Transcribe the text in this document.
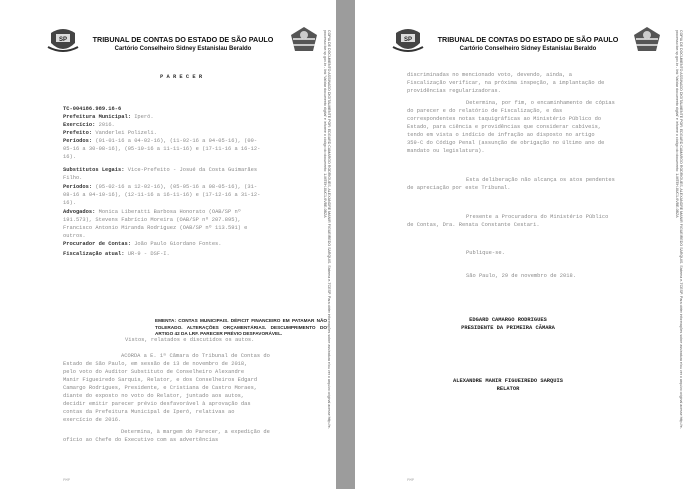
SP	TRIBUNAL DE CONTAS DO ESTADO DE SÃO PAULO
Cartório Conselheiro Sidney Estanislau Beraldo
P A R E C E R
TC-004186.989.16-6
Prefeitura Municipal: Iperó.
Exercício: 2016.
Prefeito: Vanderlei Polizeli.
Períodos: (01-01-16 a 04-02-16), (11-02-16 a 04-05-16), (09-
05-16 a 30-08-16), (05-10-16 a 11-11-16) e (17-11-16 a 16-12-
16).
Substitutos Legais: Vice-Prefeito - Josué da Costa Guimarães
Filho.
Períodos: (05-02-16 a 12-02-16), (05-05-16 a 08-05-16), (31-
08-16 a 04-10-16), (12-11-16 a 16-11-16) e (17-12-16 a 31-12-
16).
Advogados: Monica Liberatti Barbosa Honorato (OAB/SP nº
191.573), Stevens Fabrício Moreira (OAB/SP nº 207.895),
Francisco Antonio Miranda Rodriguez (OAB/SP nº 113.591) e
outros.
Procurador de Contas: João Paulo Giordano Fontes.
Fiscalização atual: UR-9 - DSF-I.
EMENTA: CONTAS MUNICIPAIS. DÉFICIT FINANCEIRO EM PATAMAR NÃO TOLERADO. ALTERAÇÕES ORÇAMENTÁRIAS. DESCUMPRIMENTO DO ARTIGO 42 DA LRF. PARECER PRÉVIO DESFAVORÁVEL.
Vistos, relatados e discutidos os autos.
ACORDA a E. 1ª Câmara do Tribunal de Contas do
Estado de São Paulo, em sessão de 13 de novembro de 2018,
pelo voto do Auditor Substituto de Conselheiro Alexandre
Manir Figueiredo Sarquis, Relator, e dos Conselheiros Edgard
Camargo Rodrigues, Presidente, e Cristiana de Castro Moraes,
diante do exposto no voto do Relator, juntado aos autos,
decidir emitir parecer prévio desfavorável à aprovação das
contas da Prefeitura Municipal de Iperó, relativas ao
exercício de 2016.
Determina, à margem do Parecer, a expedição de
ofício ao Chefe do Executivo com as advertências
PMP
COPIA DE DOCUMENTO ASSINADO DIGITALMENTE POR: EDGARD CAMARGO RODRIGUES, ALEXANDRE MANIR FIGUEIREDO SARQUIS. Sistema e-TCESP. Para obter informações sobre assinatura e/ou ver o arquivo original acesse http://e-processo.tce.sp.gov.br - link 'Validar documento digital' e informe o código do documento: 1-MTEH-8UC1-6VBE-0BZA	SP	TRIBUNAL DE CONTAS DO ESTADO DE SÃO PAULO
Cartório Conselheiro Sidney Estanislau Beraldo
discriminadas no mencionado voto, devendo, ainda, a
Fiscalização verificar, na próxima inspeção, a implantação de
providências regularizadoras.
Determina, por fim, o encaminhamento de cópias
do parecer e do relatório de Fiscalização, e das
correspondentes notas taquigráficas ao Ministério Público do
Estado, para ciência e providências que considerar cabíveis,
tendo em vista o indício de infração ao disposto no artigo
359-C do Código Penal (assunção de obrigação no último ano de
mandato ou legislatura).
Esta deliberação não alcança os atos pendentes
de apreciação por este Tribunal.
Presente a Procuradora do Ministério Público
de Contas, Dra. Renata Constante Cestari.
Publique-se.
São Paulo, 29 de novembro de 2018.
EDGARD CAMARGO RODRIGUES
PRESIDENTE DA PRIMEIRA CÂMARA
ALEXANDRE MANIR FIGUEIREDO SARQUIS
RELATOR
PMP
COPIA DE DOCUMENTO ASSINADO DIGITALMENTE POR: EDGARD CAMARGO RODRIGUES, ALEXANDRE MANIR FIGUEIREDO SARQUIS. Sistema e-TCESP. Para obter informações sobre assinatura e/ou ver o arquivo original acesse http://e-processo.tce.sp.gov.br - link 'Validar documento digital' e informe o código do documento: 1-MTEH-8UC1-6VBE-0BZA
